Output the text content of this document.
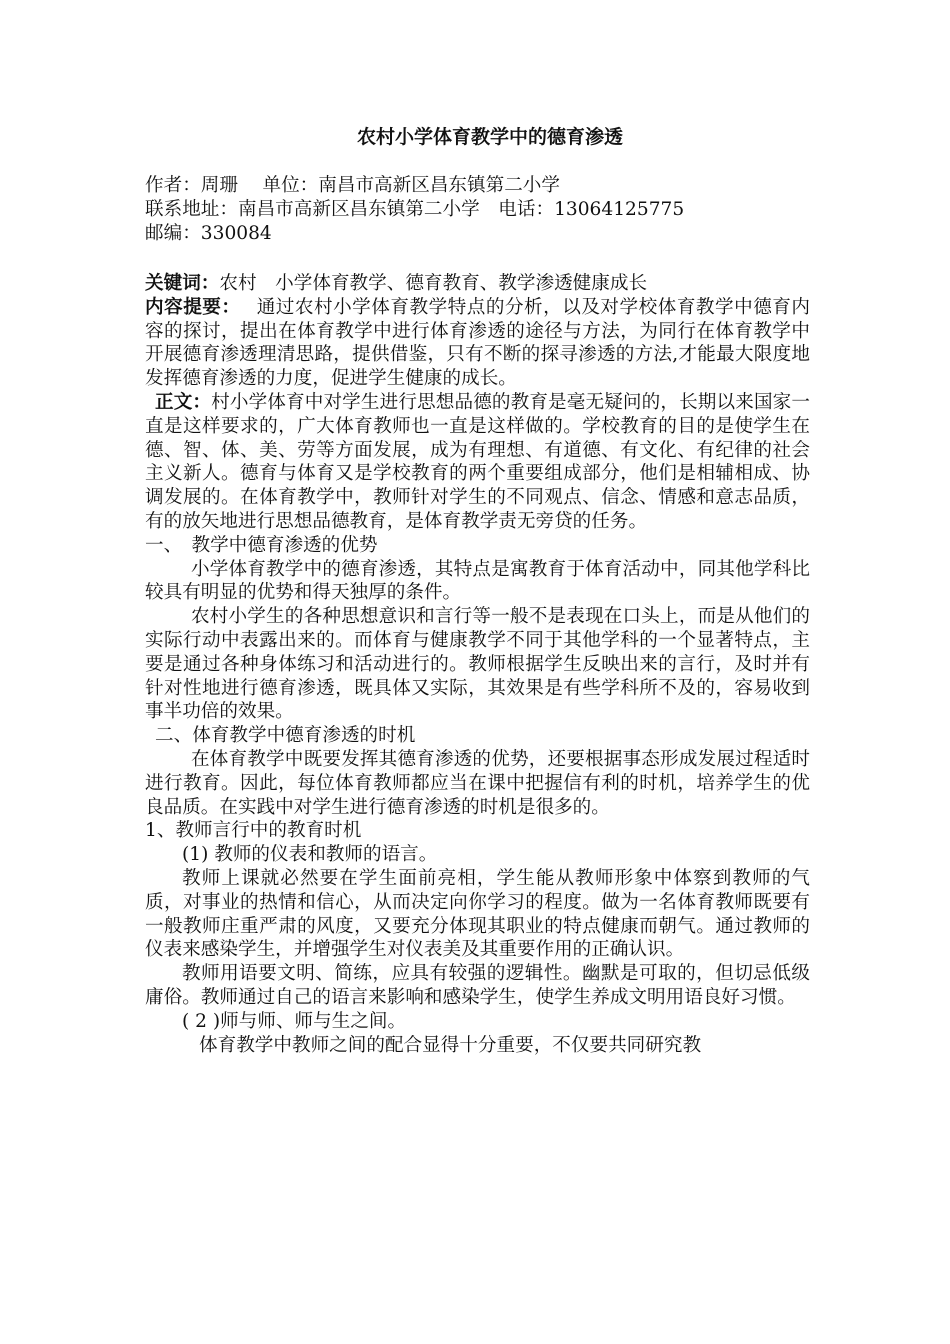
农村小学体育教学中的德育渗透
作者：周珊　 单位：南昌市高新区昌东镇第二小学
联系地址：南昌市高新区昌东镇第二小学　电话：13064125775
邮编：330084

关键词：农村　小学体育教学、德育教育、教学渗透健康成长

内容提要：　 通过农村小学体育教学特点的分析，以及对学校体育教学中德育内容的探讨，提出在体育教学中进行体育渗透的途径与方法，为同行在体育教学中开展德育渗透理清思路，提供借鉴，只有不断的探寻渗透的方法,才能最大限度地发挥德育渗透的力度，促进学生健康的成长。

正文：村小学体育中对学生进行思想品德的教育是毫无疑问的，长期以来国家一直是这样要求的，广大体育教师也一直是这样做的。学校教育的目的是使学生在德、智、体、美、劳等方面发展，成为有理想、有道德、有文化、有纪律的社会主义新人。德育与体育又是学校教育的两个重要组成部分，他们是相辅相成、协调发展的。在体育教学中，教师针对学生的不同观点、信念、情感和意志品质，有的放矢地进行思想品德教育，是体育教学责无旁贷的任务。

一、　教学中德育渗透的优势

小学体育教学中的德育渗透，其特点是寓教育于体育活动中，同其他学科比较具有明显的优势和得天独厚的条件。

农村小学生的各种思想意识和言行等一般不是表现在口头上，而是从他们的实际行动中表露出来的。而体育与健康教学不同于其他学科的一个显著特点，主要是通过各种身体练习和活动进行的。教师根据学生反映出来的言行，及时并有针对性地进行德育渗透，既具体又实际，其效果是有些学科所不及的，容易收到事半功倍的效果。

二、体育教学中德育渗透的时机

在体育教学中既要发挥其德育渗透的优势，还要根据事态形成发展过程适时进行教育。因此，每位体育教师都应当在课中把握信有利的时机，培养学生的优良品质。在实践中对学生进行德育渗透的时机是很多的。

1、教师言行中的教育时机

(1) 教师的仪表和教师的语言。

教师上课就必然要在学生面前亮相，学生能从教师形象中体察到教师的气质，对事业的热情和信心，从而决定向你学习的程度。做为一名体育教师既要有一般教师庄重严肃的风度，又要充分体现其职业的特点健康而朝气。通过教师的仪表来感染学生，并增强学生对仪表美及其重要作用的正确认识。

教师用语要文明、简练，应具有较强的逻辑性。幽默是可取的，但切忌低级庸俗。教师通过自己的语言来影响和感染学生，使学生养成文明用语良好习惯。

( 2 )师与师、师与生之间。

体育教学中教师之间的配合显得十分重要，不仅要共同研究教
